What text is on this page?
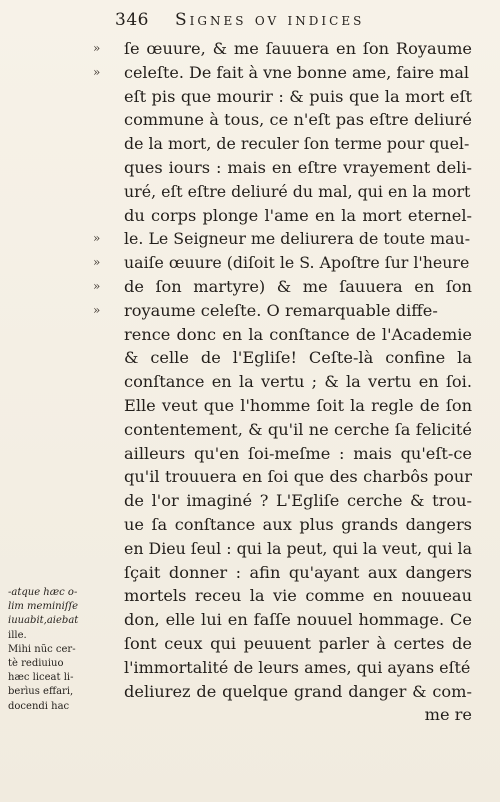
346 Signes ov indices
» ſe œuure, & me ſauuera en ſon Royaume
» celeſte. De fait à vne bonne ame, faire mal
eſt pis que mourir : & puis que la mort eſt
commune à tous, ce n'eſt pas eſtre deliuré
de la mort, de reculer ſon terme pour quel-
ques iours : mais en eſtre vrayement deli-
uré, eſt eſtre deliuré du mal, qui en la mort
du corps plonge l'ame en la mort eternel-
» le. Le Seigneur me deliurera de toute mau-
» uaiſe œuure (diſoit le S. Apoſtre ſur l'heure
» de ſon martyre) & me ſauuera en ſon
» royaume celeſte. O remarquable diffe-
rence donc en la conſtance de l'Academie
& celle de l'Egliſe! Ceſte-là confine la
conſtance en la vertu ; & la vertu en ſoi.
Elle veut que l'homme ſoit la regle de ſon
contentement, & qu'il ne cerche ſa felicité
ailleurs qu'en ſoi-meſme : mais qu'eſt-ce
qu'il trouuera en ſoi que des charbôs pour
de l'or imaginé ? L'Egliſe cerche & trou-
ue ſa conſtance aux plus grands dangers
en Dieu ſeul : qui la peut, qui la veut, qui la
ſçait donner : afin qu'ayant aux dangers
mortels receu la vie comme en nouueau
don, elle lui en faſſe nouuel hommage. Ce
ſont ceux qui peuuent parler à certes de
l'immortalité de leurs ames, qui ayans eſté
deliurez de quelque grand danger & com-
me re
-atque hæc o-
lim meminiſſe
iuuabit,aiebat
ille.
Mihi nũc cer-
tè rediuiuo
hæc liceat li-
berìus effari,
docendi hac
